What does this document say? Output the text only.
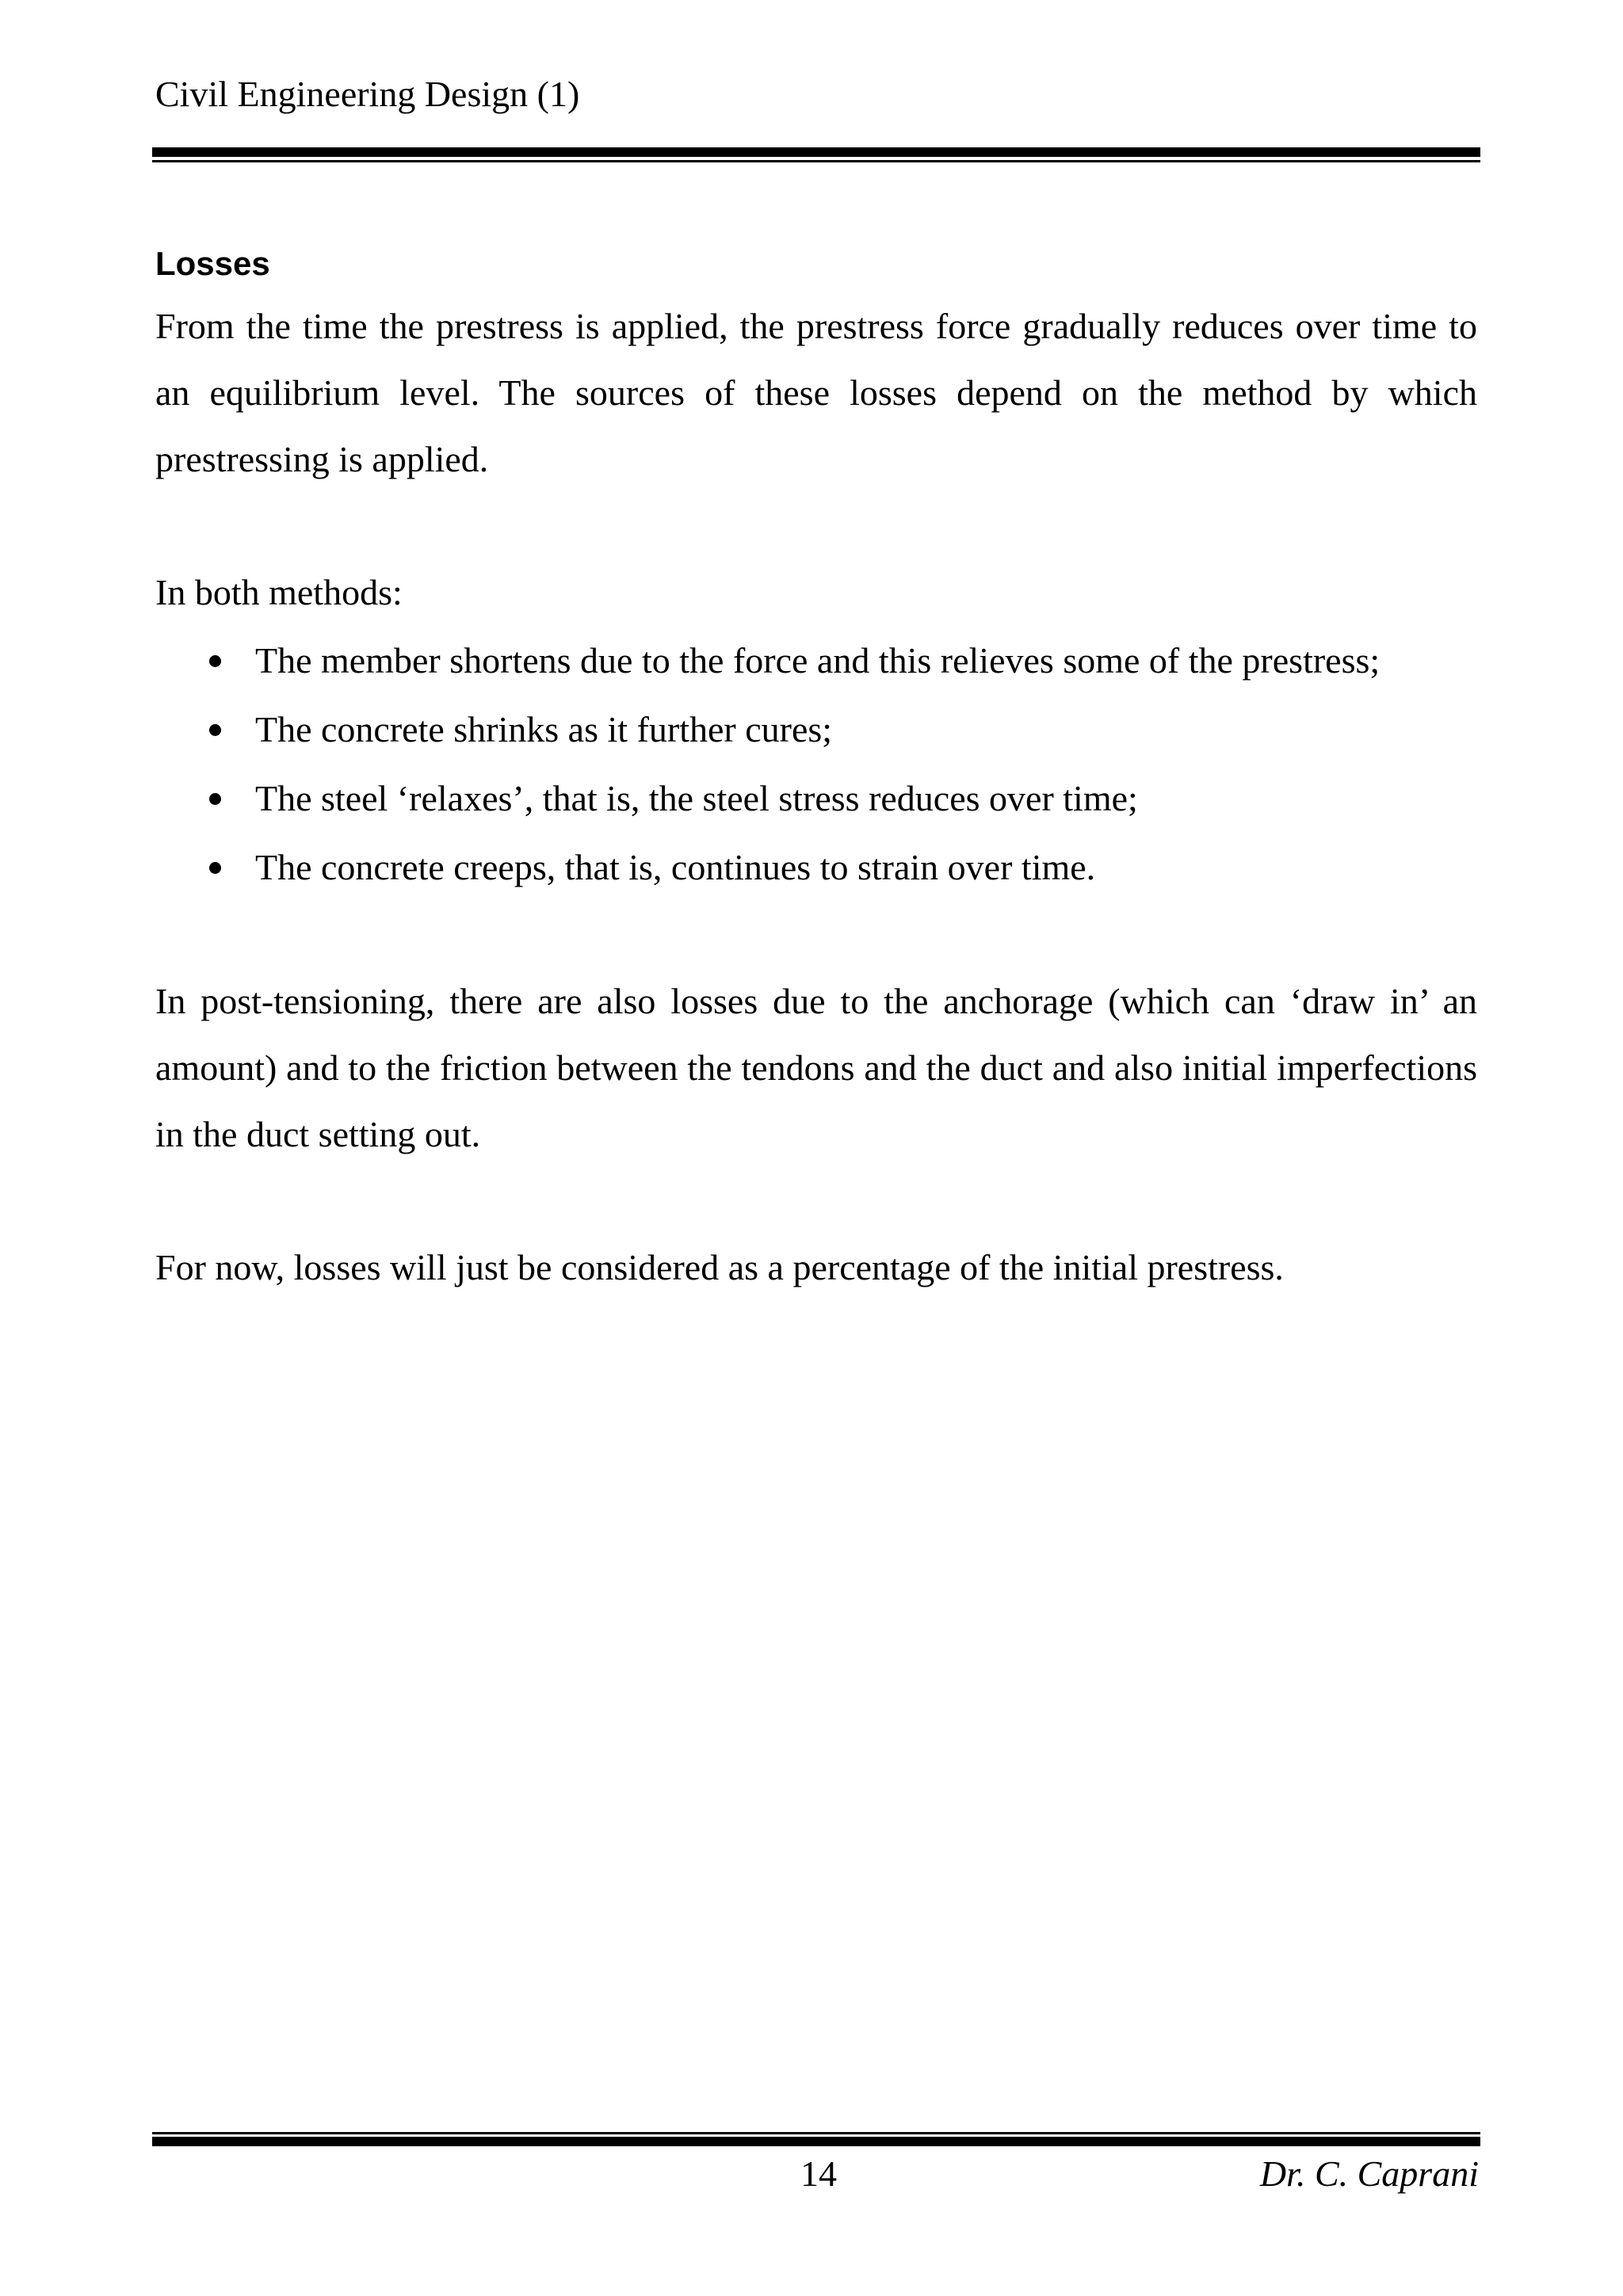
Civil Engineering Design (1)
Losses

From the time the prestress is applied, the prestress force gradually reduces over time to an equilibrium level. The sources of these losses depend on the method by which prestressing is applied.

In both methods:

The member shortens due to the force and this relieves some of the prestress;
The concrete shrinks as it further cures;
The steel ‘relaxes’, that is, the steel stress reduces over time;
The concrete creeps, that is, continues to strain over time.

In post-tensioning, there are also losses due to the anchorage (which can ‘draw in’ an amount) and to the friction between the tendons and the duct and also initial imperfections in the duct setting out.

For now, losses will just be considered as a percentage of the initial prestress.

14	Dr. C. Caprani
